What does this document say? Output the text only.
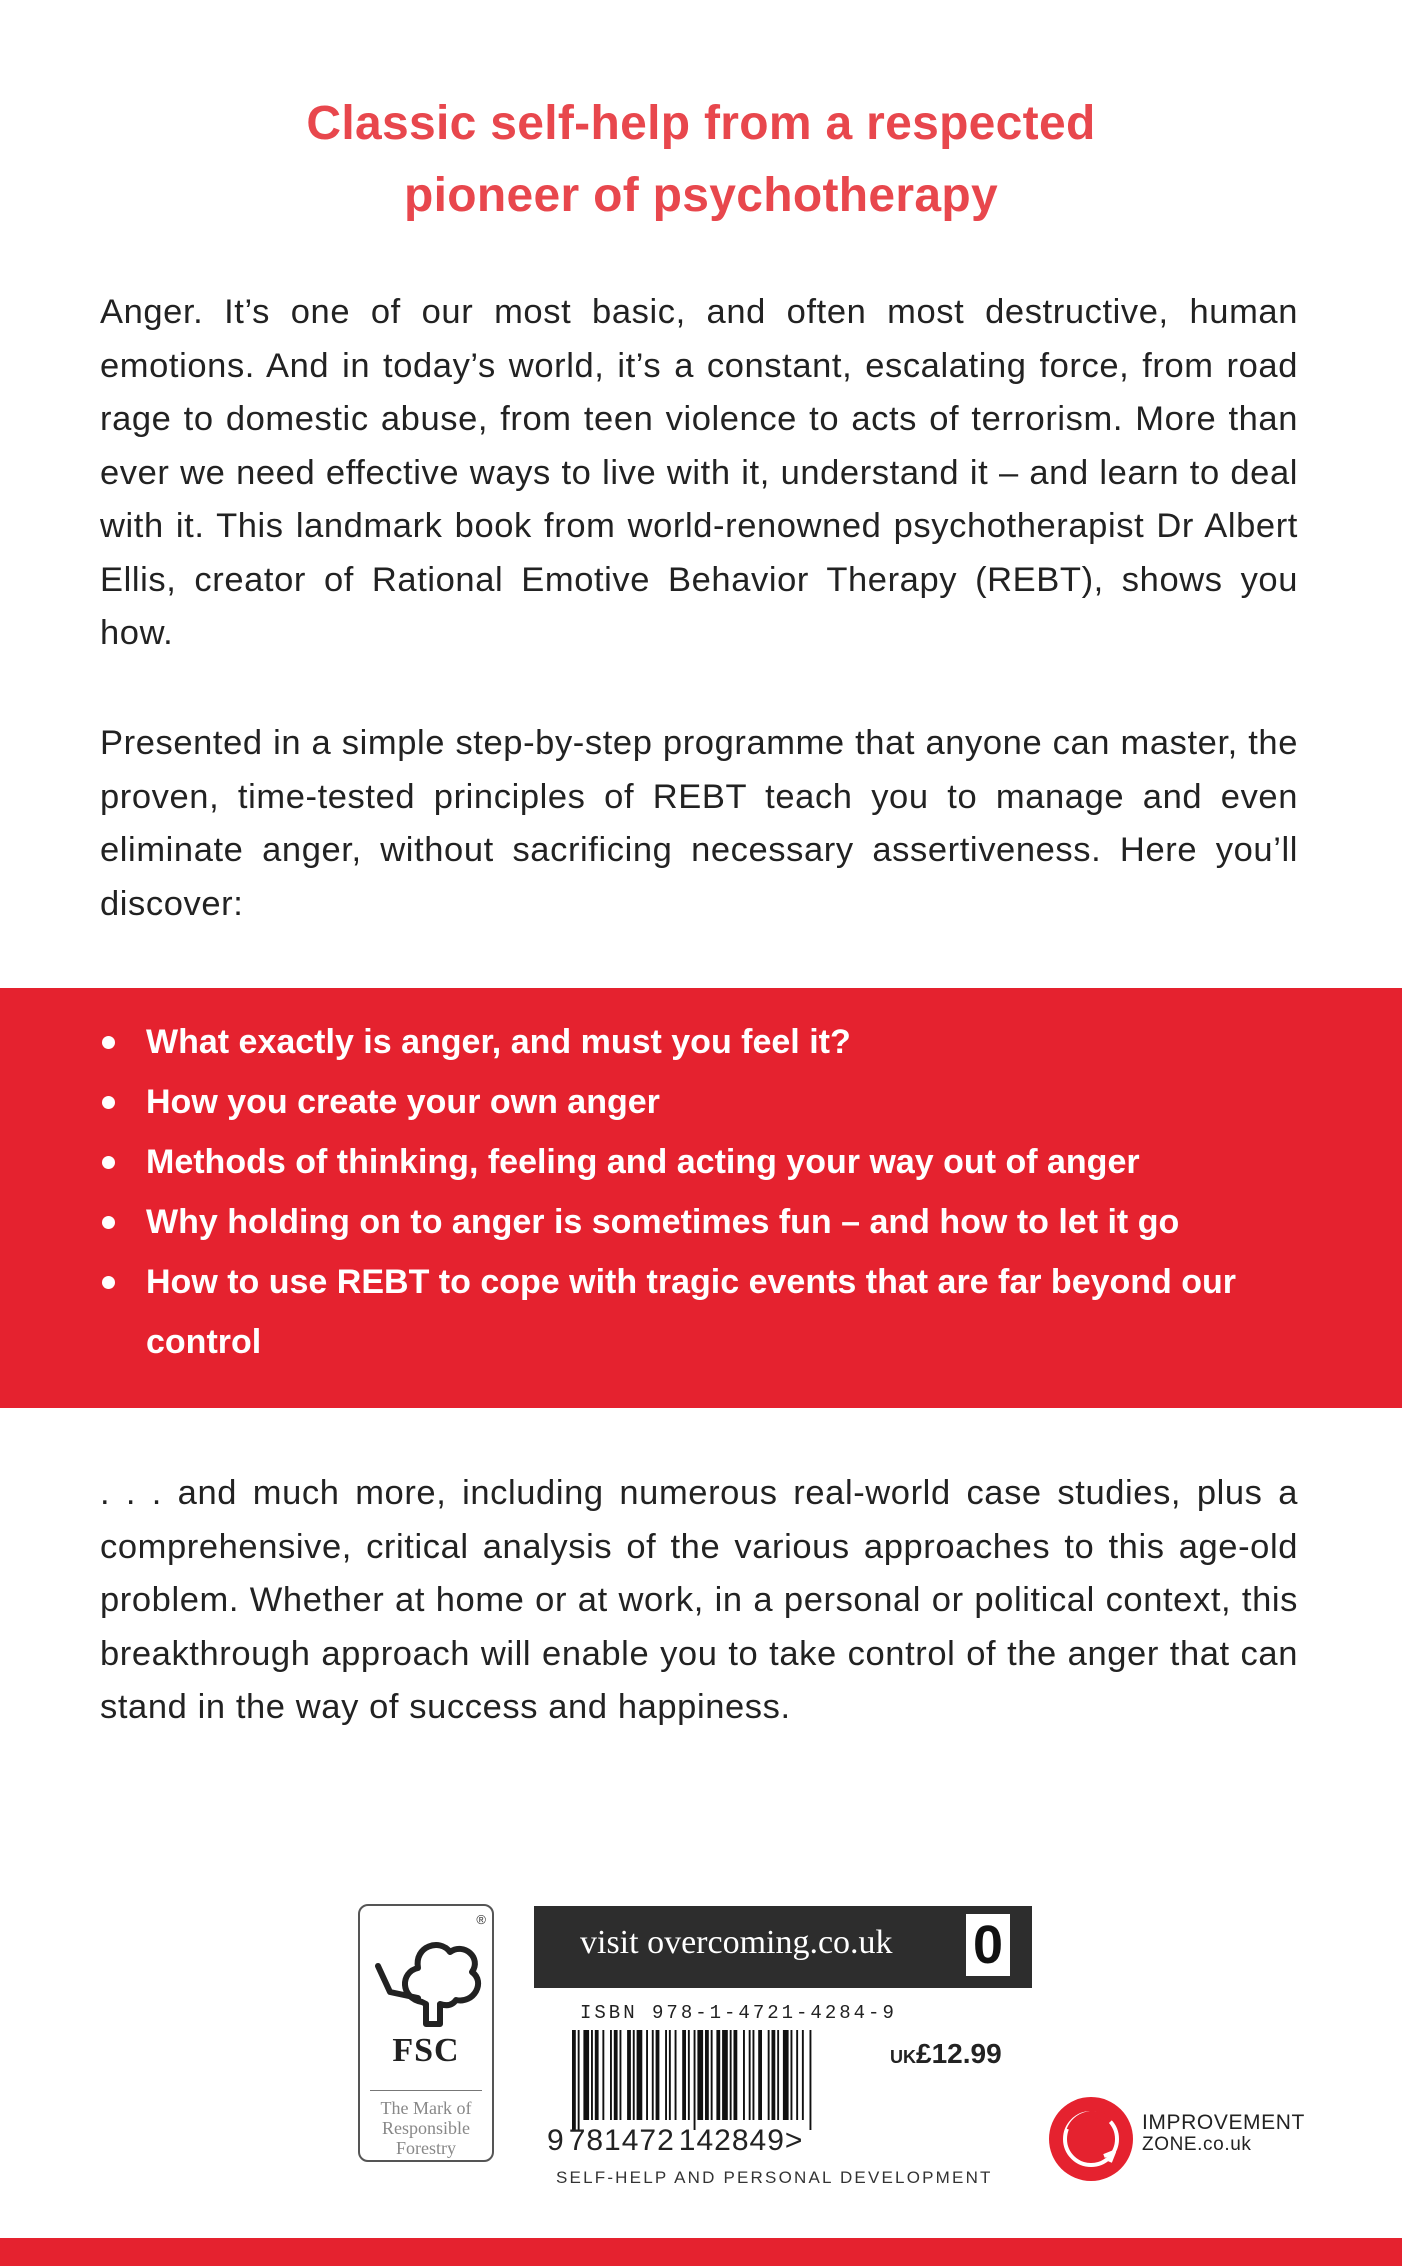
Classic self-help from a respected
pioneer of psychotherapy

Anger. It’s one of our most basic, and often most destructive, human emotions. And in today’s world, it’s a constant, escalating force, from road rage to domestic abuse, from teen violence to acts of terrorism. More than ever we need effective ways to live with it, understand it – and learn to deal with it. This landmark book from world-renowned psychotherapist Dr Albert Ellis, creator of Rational Emotive Behavior Therapy (REBT), shows you how.

Presented in a simple step-by-step programme that anyone can master, the proven, time-tested principles of REBT teach you to manage and even eliminate anger, without sacrificing necessary assertiveness. Here you’ll discover:

What exactly is anger, and must you feel it?
How you create your own anger
Methods of thinking, feeling and acting your way out of anger
Why holding on to anger is sometimes fun – and how to let it go
How to use REBT to cope with tragic events that are far beyond our control

. . . and much more, including numerous real-world case studies, plus a comprehensive, critical analysis of the various approaches to this age-old problem. Whether at home or at work, in a personal or political context, this breakthrough approach will enable you to take control of the anger that can stand in the way of success and happiness.

®
FSC
The Mark of
Responsible
Forestry
visit overcoming.co.uk 0
ISBN 978-1-4721-4284-9
9 781472 142849>
UK£12.99
SELF-HELP AND PERSONAL DEVELOPMENT
IMPROVEMENT
ZONE.co.uk
